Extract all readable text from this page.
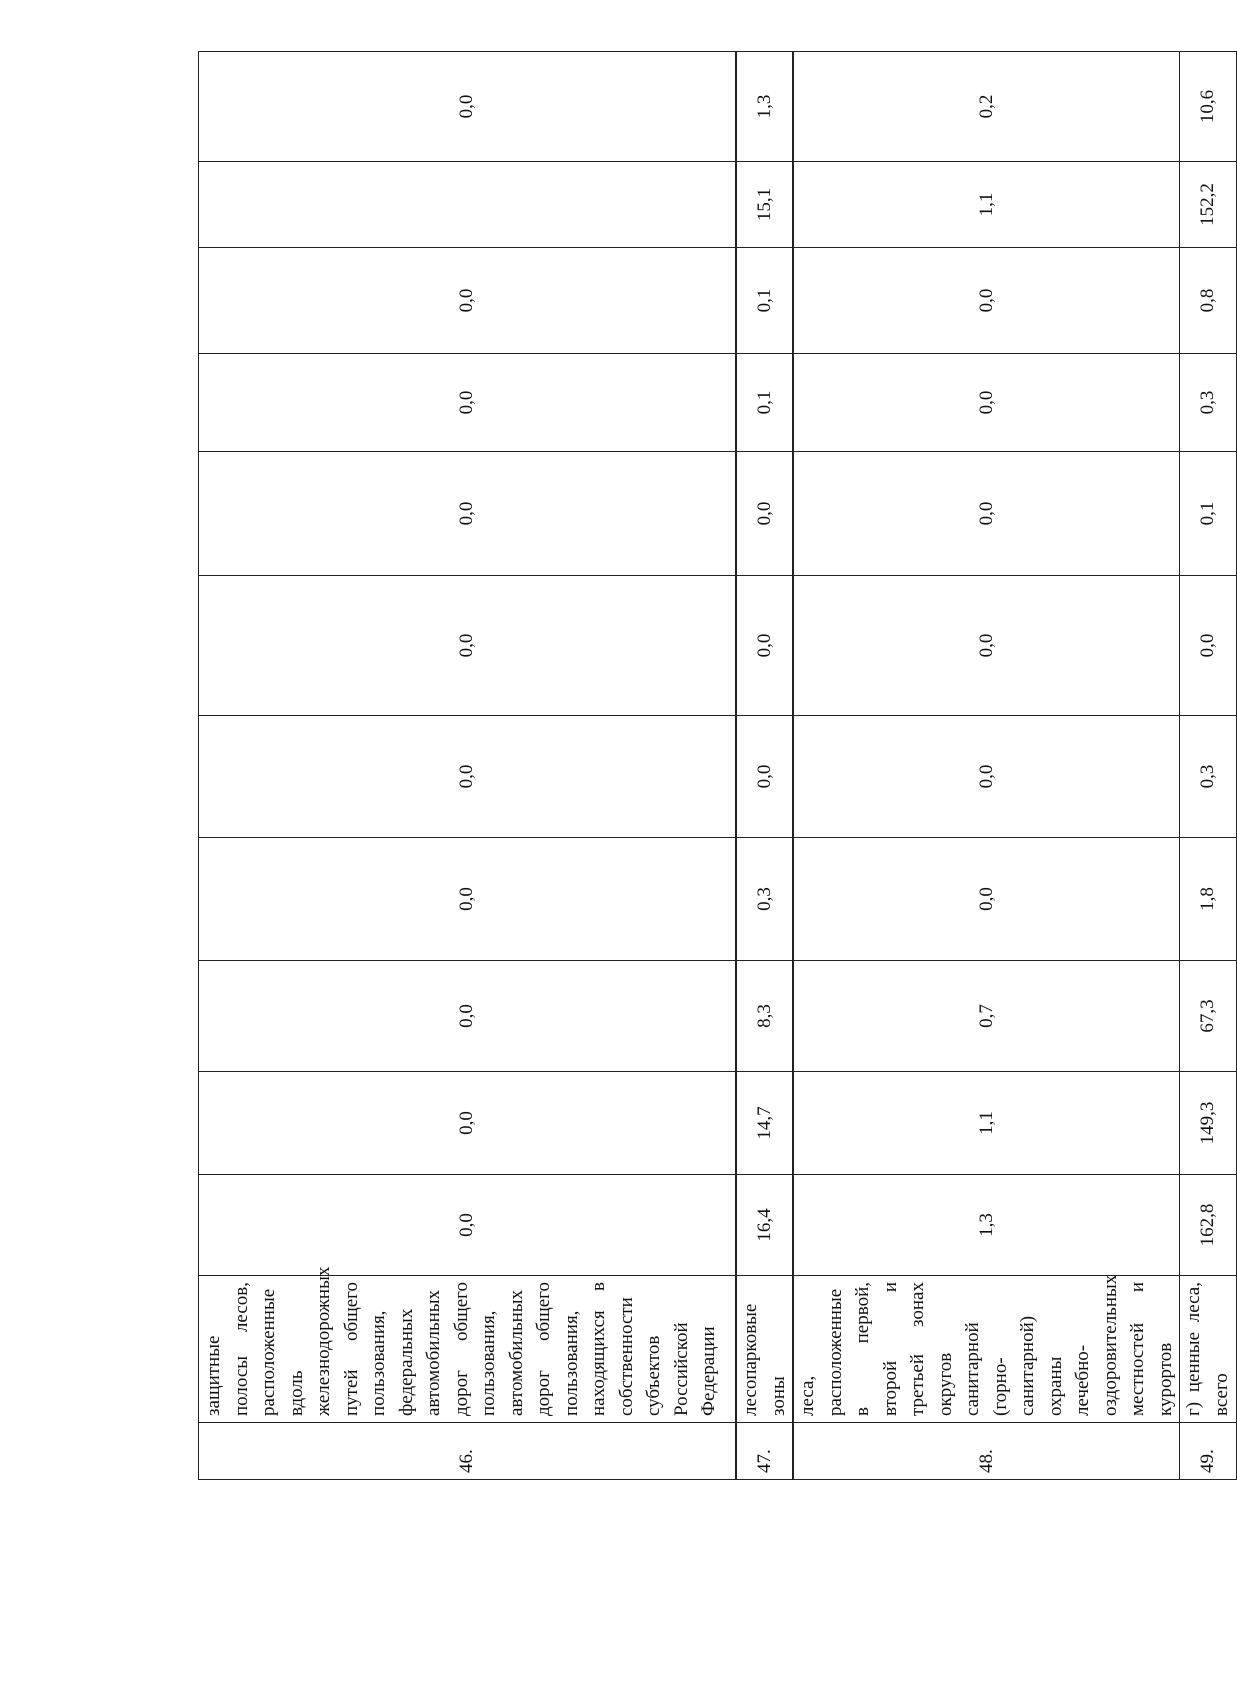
46.	защитные полосы лесов, расположенные вдоль железнодорожных путей общего пользования, федеральных автомобильных дорог общего пользования, автомобильных дорог общего пользования, находящихся в собственности субъектов Российской Федерации	0,0	0,0	0,0	0,0	0,0	0,0	0,0	0,0	0,0		0,0
47.	лесопарковые зоны	16,4	14,7	8,3	0,3	0,0	0,0	0,0	0,1	0,1	15,1	1,3
48.	леса, расположенные в первой, второй и третьей зонах округов санитарной (горно-санитарной) охраны лечебно-оздоровительных местностей и курортов	1,3	1,1	0,7	0,0	0,0	0,0	0,0	0,0	0,0	1,1	0,2
49.	г) ценные леса, всего	162,8	149,3	67,3	1,8	0,3	0,0	0,1	0,3	0,8	152,2	10,6
